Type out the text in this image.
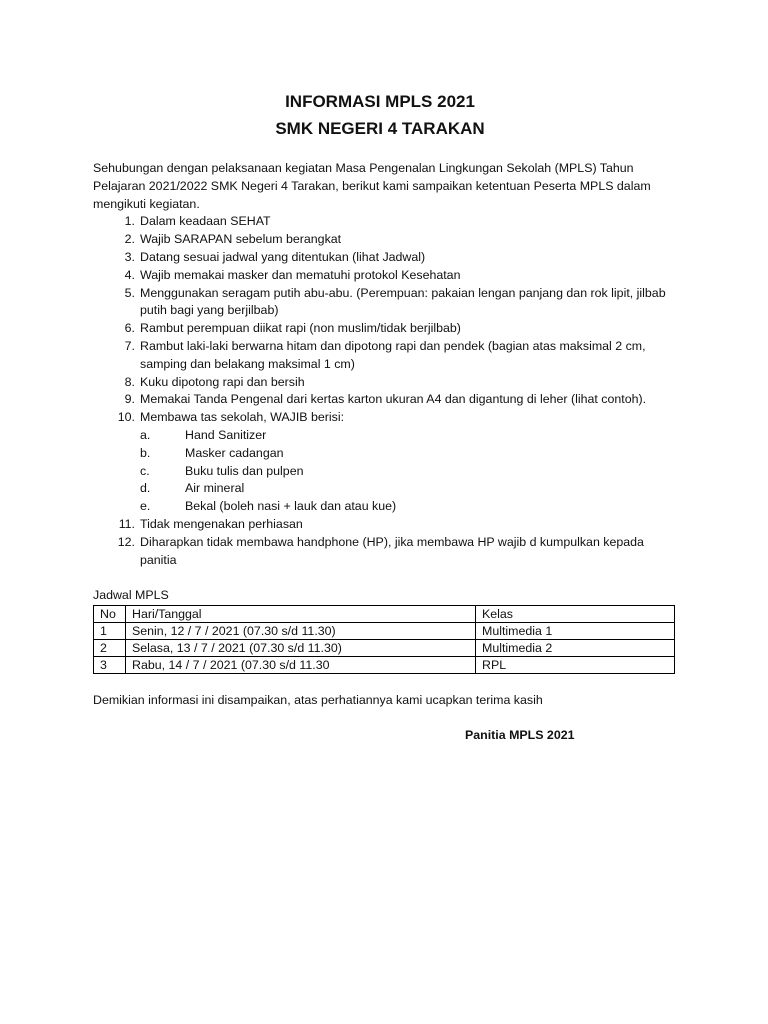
INFORMASI MPLS 2021
SMK NEGERI 4 TARAKAN
Sehubungan dengan pelaksanaan kegiatan Masa Pengenalan Lingkungan Sekolah (MPLS) Tahun Pelajaran 2021/2022 SMK Negeri 4 Tarakan, berikut kami sampaikan ketentuan Peserta MPLS dalam mengikuti kegiatan.
1. Dalam keadaan SEHAT
2. Wajib SARAPAN sebelum berangkat
3. Datang sesuai jadwal yang ditentukan (lihat Jadwal)
4. Wajib memakai masker dan mematuhi protokol Kesehatan
5. Menggunakan seragam putih abu-abu. (Perempuan: pakaian lengan panjang dan rok lipit, jilbab putih bagi yang berjilbab)
6. Rambut perempuan diikat rapi (non muslim/tidak berjilbab)
7. Rambut laki-laki berwarna hitam dan dipotong rapi dan pendek (bagian atas maksimal 2 cm, samping dan belakang maksimal 1 cm)
8. Kuku dipotong rapi dan bersih
9. Memakai Tanda Pengenal dari kertas karton ukuran A4 dan digantung di leher (lihat contoh).
10. Membawa tas sekolah, WAJIB berisi:
a.	Hand Sanitizer
b.	Masker cadangan
c.	Buku tulis dan pulpen
d.	Air mineral
e.	Bekal (boleh nasi + lauk dan atau kue)
11. Tidak mengenakan perhiasan
12. Diharapkan tidak membawa handphone (HP), jika membawa HP wajib d kumpulkan kepada panitia
Jadwal MPLS
No	Hari/Tanggal	Kelas
1	Senin, 12 / 7 / 2021 (07.30 s/d 11.30)	Multimedia 1
2	Selasa, 13 / 7 / 2021 (07.30 s/d 11.30)	Multimedia 2
3	Rabu, 14 / 7 / 2021 (07.30 s/d 11.30	RPL
Demikian informasi ini disampaikan, atas perhatiannya kami ucapkan terima kasih
Panitia MPLS 2021
